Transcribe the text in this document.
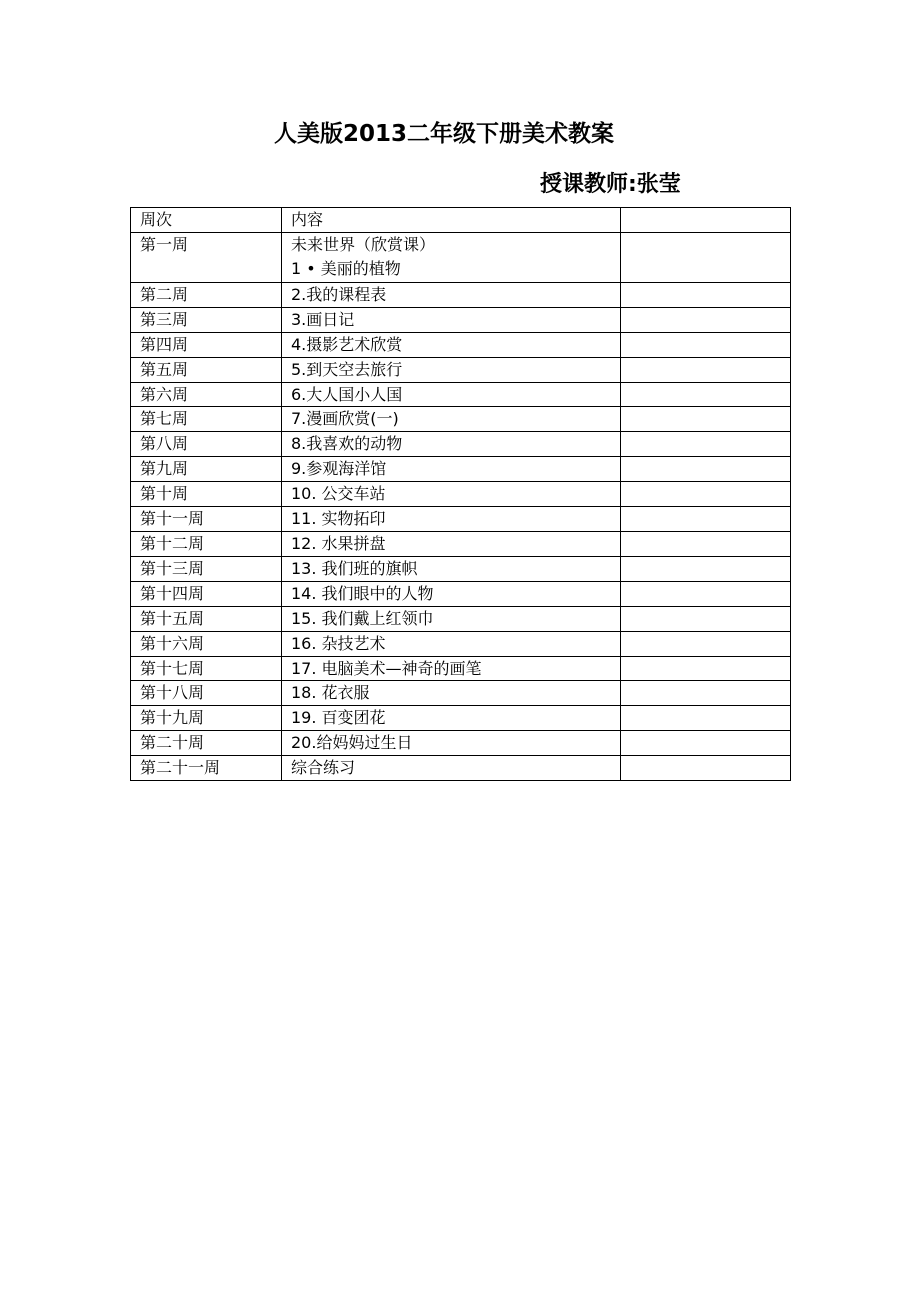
人美版2013二年级下册美术教案
授课教师:张莹
周次	内容	
第一周	未来世界（欣赏课）
1 • 美丽的植物	

第二周	2.我的课程表	

第三周	3.画日记	

第四周	4.摄影艺术欣赏	

第五周	5.到天空去旅行	

第六周	6.大人国小人国	

第七周	7.漫画欣赏(一)	

第八周	8.我喜欢的动物	

第九周	9.参观海洋馆	

第十周	10. 公交车站	

第十一周	11. 实物拓印	

第十二周	12. 水果拼盘	

第十三周	13. 我们班的旗帜	

第十四周	14. 我们眼中的人物	

第十五周	15. 我们戴上红领巾	

第十六周	16. 杂技艺术	

第十七周	17. 电脑美术—神奇的画笔	

第十八周	18. 花衣服	

第十九周	19. 百变团花	

第二十周	20.给妈妈过生日	

第二十一周	综合练习	
